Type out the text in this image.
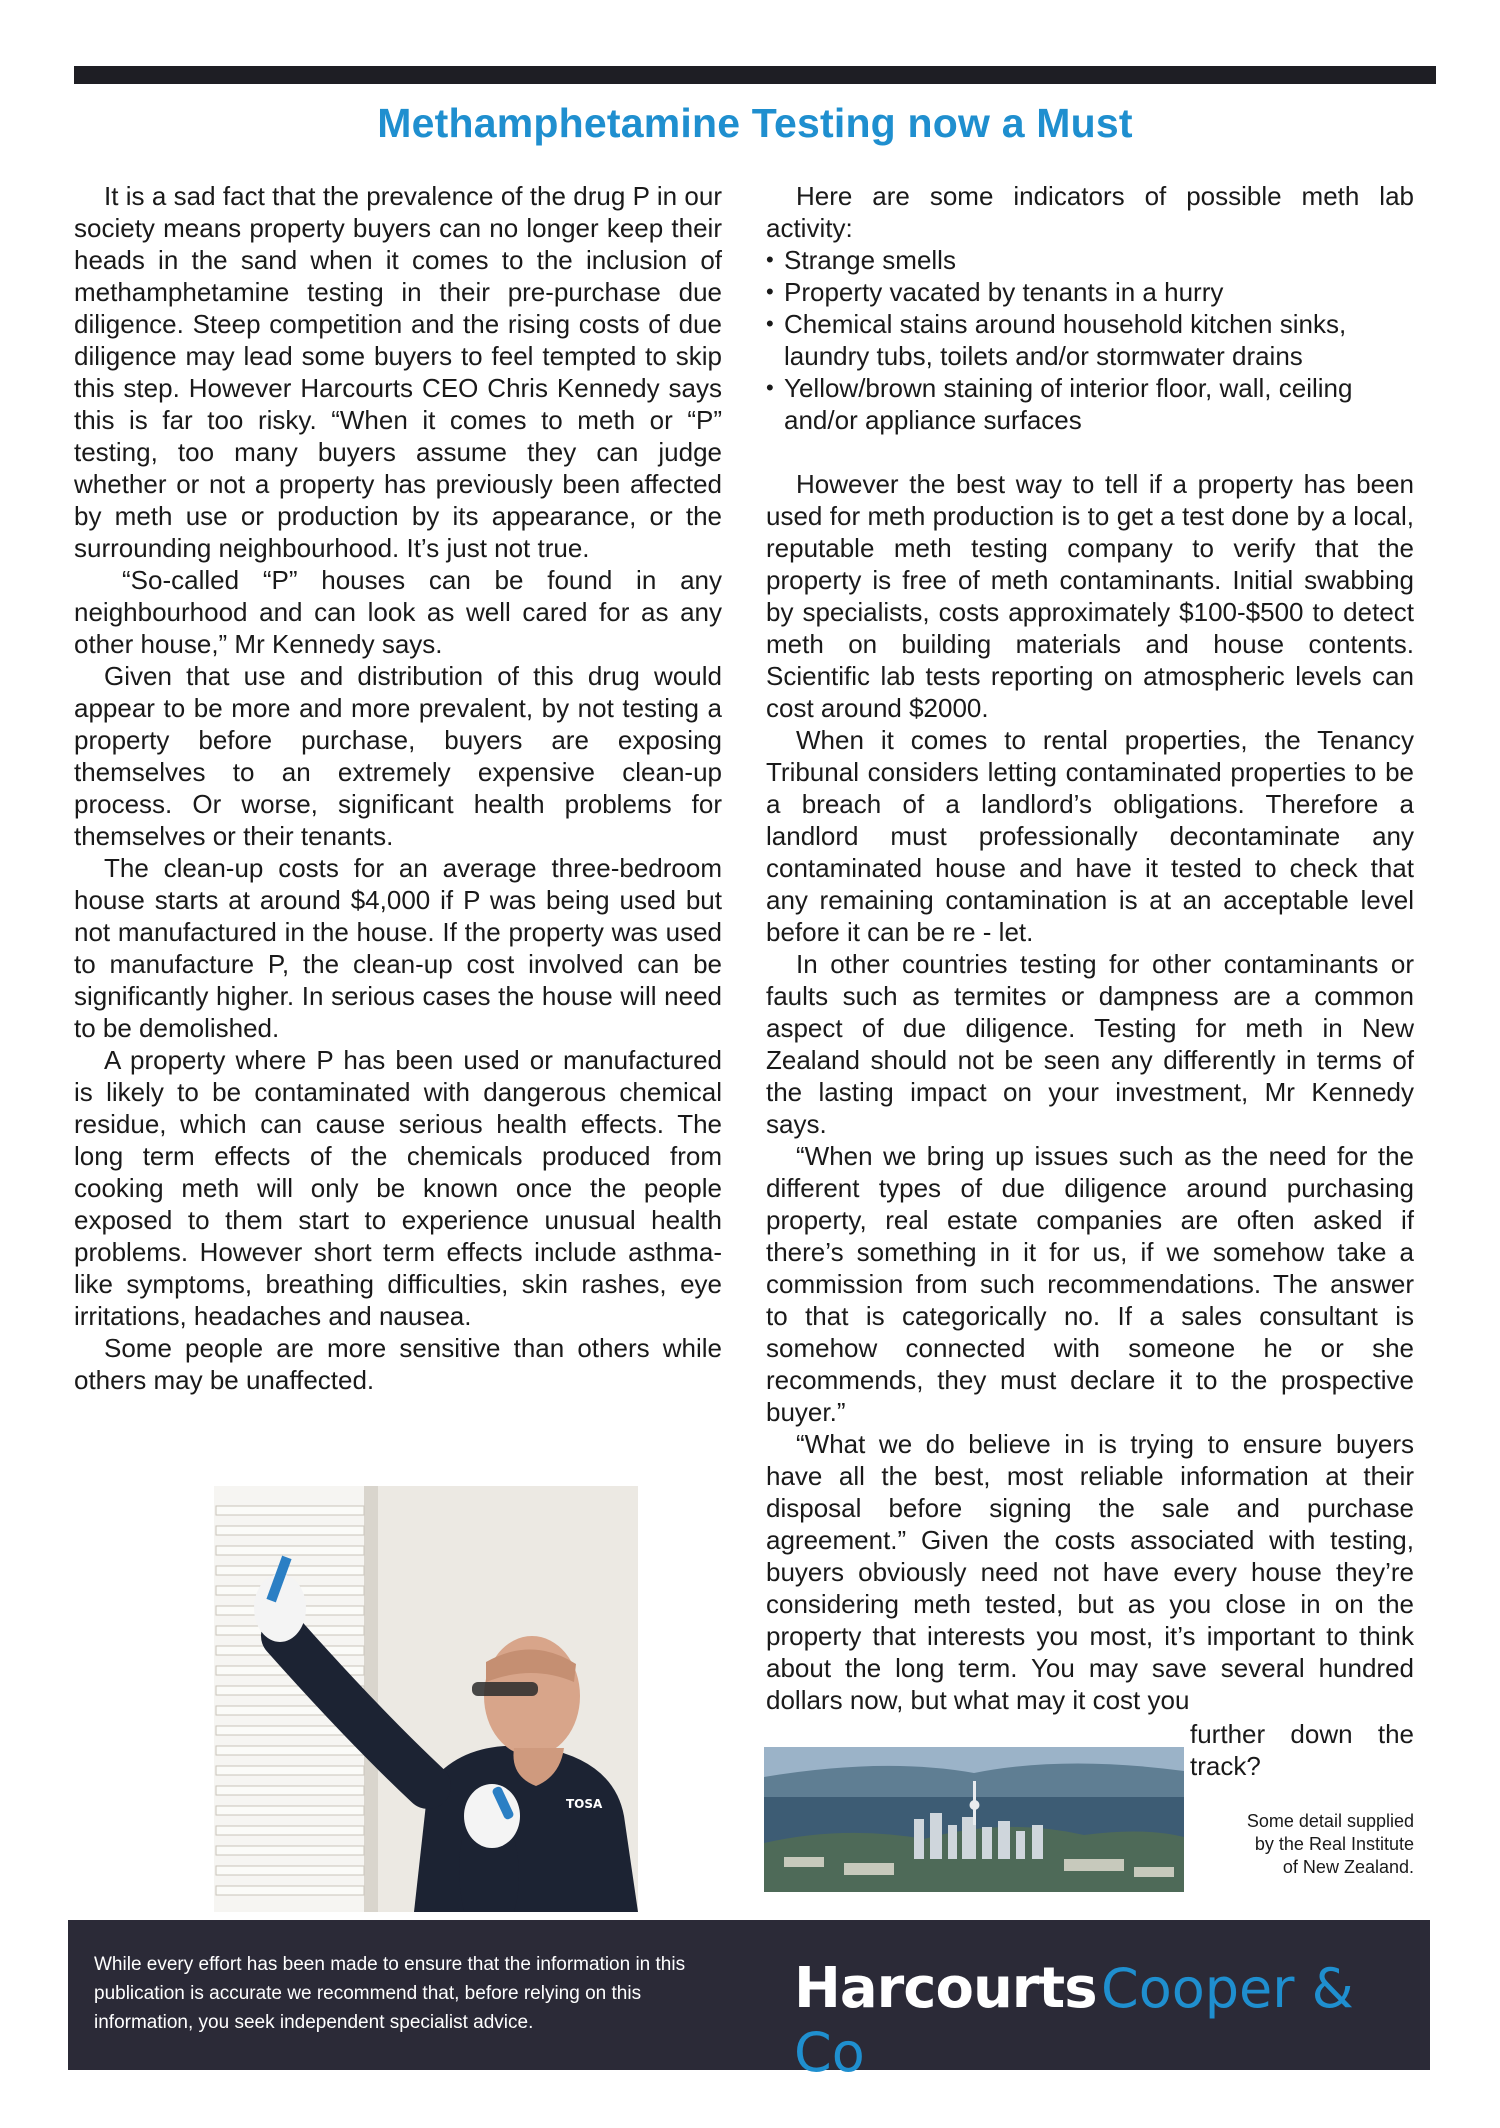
Methamphetamine Testing now a Must

It is a sad fact that the prevalence of the drug P in our society means property buyers can no longer keep their heads in the sand when it comes to the inclusion of methamphetamine testing in their pre-purchase due diligence. Steep competition and the rising costs of due diligence may lead some buyers to feel tempted to skip this step. However Harcourts CEO Chris Kennedy says this is far too risky. “When it comes to meth or “P” testing, too many buyers assume they can judge whether or not a property has previously been affected by meth use or production by its appearance, or the surrounding neighbourhood. It’s just not true.

“So-called “P” houses can be found in any neighbourhood and can look as well cared for as any other house,” Mr Kennedy says.

Given that use and distribution of this drug would appear to be more and more prevalent, by not testing a property before purchase, buyers are exposing themselves to an extremely expensive clean-up process. Or worse, significant health problems for themselves or their tenants.

The clean-up costs for an average three-bedroom house starts at around $4,000 if P was being used but not manufactured in the house. If the property was used to manufacture P, the clean-up cost involved can be significantly higher. In serious cases the house will need to be demolished.

A property where P has been used or manufactured is likely to be contaminated with dangerous chemical residue, which can cause serious health effects. The long term effects of the chemicals produced from cooking meth will only be known once the people exposed to them start to experience unusual health problems. However short term effects include asthma-like symptoms, breathing difficulties, skin rashes, eye irritations, headaches and nausea.

Some people are more sensitive than others while others may be unaffected.

Here are some indicators of possible meth lab activity:

• Strange smells
• Property vacated by tenants in a hurry
• Chemical stains around household kitchen sinks, laundry tubs, toilets and/or stormwater drains
• Yellow/brown staining of interior floor, wall, ceiling and/or appliance surfaces

However the best way to tell if a property has been used for meth production is to get a test done by a local, reputable meth testing company to verify that the property is free of meth contaminants. Initial swabbing by specialists, costs approximately $100-$500 to detect meth on building materials and house contents. Scientific lab tests reporting on atmospheric levels can cost around $2000.

When it comes to rental properties, the Tenancy Tribunal considers letting contaminated properties to be a breach of a landlord’s obligations. Therefore a landlord must professionally decontaminate any contaminated house and have it tested to check that any remaining contamination is at an acceptable level before it can be re - let.

In other countries testing for other contaminants or faults such as termites or dampness are a common aspect of due diligence. Testing for meth in New Zealand should not be seen any differently in terms of the lasting impact on your investment, Mr Kennedy says.

“When we bring up issues such as the need for the different types of due diligence around purchasing property, real estate companies are often asked if there’s something in it for us, if we somehow take a commission from such recommendations. The answer to that is categorically no. If a sales consultant is somehow connected with someone he or she recommends, they must declare it to the prospective buyer.”

“What we do believe in is trying to ensure buyers have all the best, most reliable information at their disposal before signing the sale and purchase agreement.” Given the costs associated with testing, buyers obviously need not have every house they’re considering meth tested, but as you close in on the property that interests you most, it’s important to think about the long term. You may save several hundred dollars now, but what may it cost you

TOSA
further down the track?
Some detail supplied
by the Real Institute
of New Zealand.
While every effort has been made to ensure that the information in this publication is accurate we recommend that, before relying on this information, you seek independent specialist advice.
Harcourts Cooper & Co
